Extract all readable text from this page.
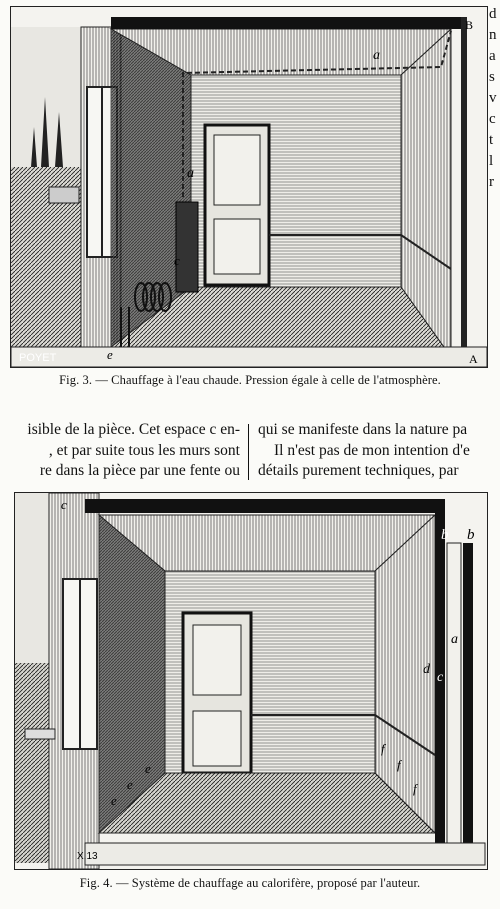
d
n
a
s
v
c
t
l
r
a
a
B
c
e	A
POYET
Fig. 3. — Chauffage à l'eau chaude. Pression égale à celle de l'atmosphère.
isible de la pièce. Cet espace c en-
, et par suite tous les murs sont
re dans la pièce par une fente ou
qui se manifeste dans la nature pa
Il n'est pas de mon intention d'e
détails purement techniques, par
b b
a
d
c
c
e
e
e
f
f
f
X.13
Fig. 4. — Système de chauffage au calorifère, proposé par l'auteur.
